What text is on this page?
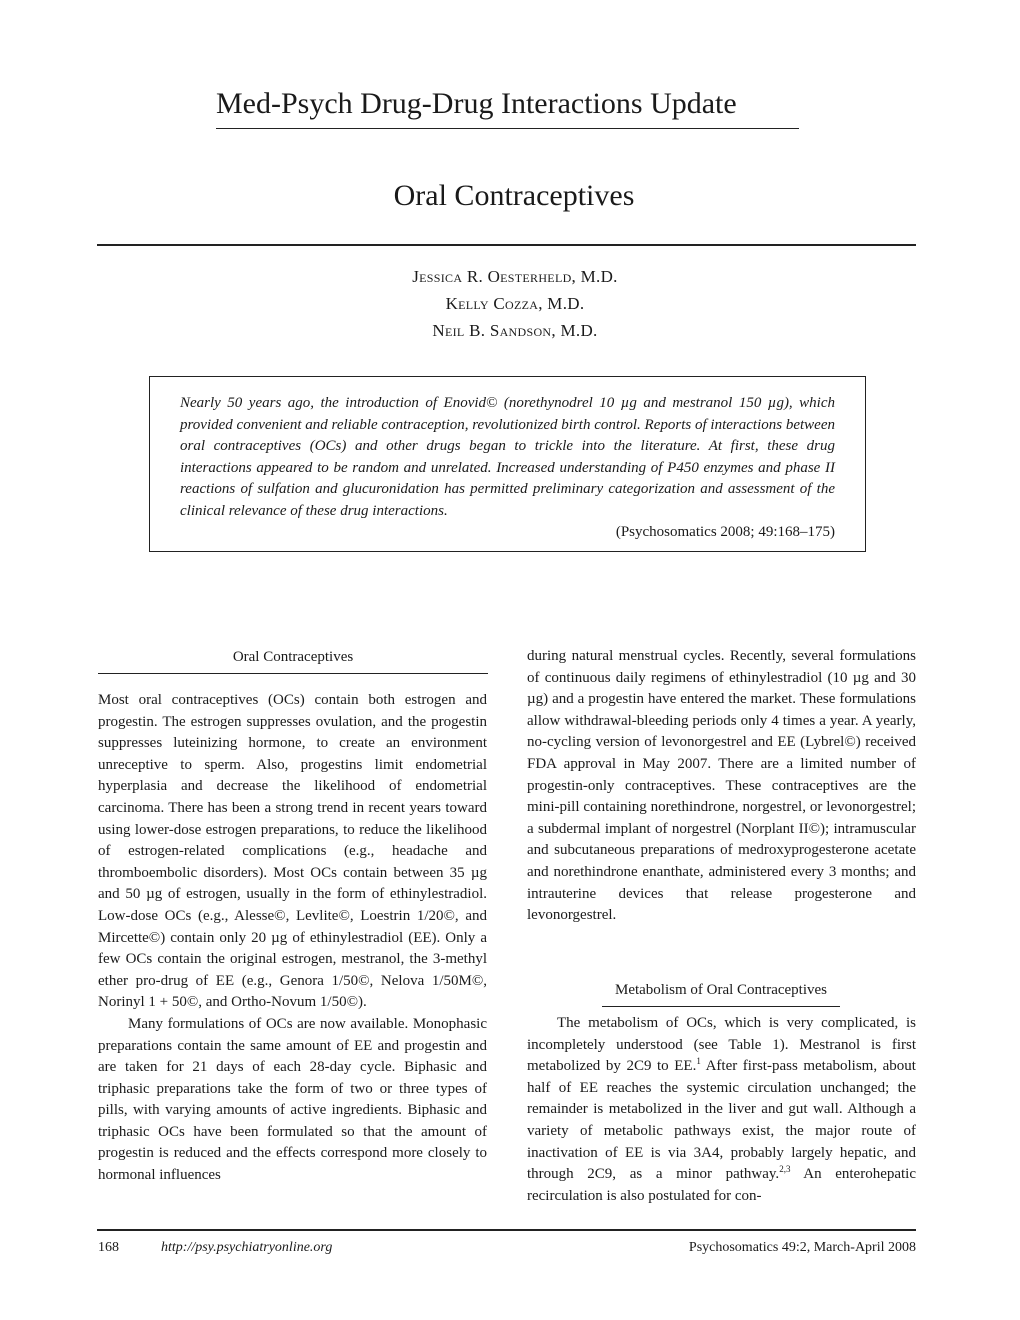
Med-Psych Drug-Drug Interactions Update
Oral Contraceptives
Jessica R. Oesterheld, M.D.
Kelly Cozza, M.D.
Neil B. Sandson, M.D.
Nearly 50 years ago, the introduction of Enovid© (norethynodrel 10 µg and mestranol 150 µg), which provided convenient and reliable contraception, revolutionized birth control. Reports of interactions between oral contraceptives (OCs) and other drugs began to trickle into the literature. At first, these drug interactions appeared to be random and unrelated. Increased understanding of P450 enzymes and phase II reactions of sulfation and glucuronidation has permitted preliminary categorization and assessment of the clinical relevance of these drug interactions.
(Psychosomatics 2008; 49:168–175)
Oral Contraceptives

Most oral contraceptives (OCs) contain both estrogen and progestin. The estrogen suppresses ovulation, and the progestin suppresses luteinizing hormone, to create an environment unreceptive to sperm. Also, progestins limit endometrial hyperplasia and decrease the likelihood of endometrial carcinoma. There has been a strong trend in recent years toward using lower-dose estrogen preparations, to reduce the likelihood of estrogen-related complications (e.g., headache and thromboembolic disorders). Most OCs contain between 35 µg and 50 µg of estrogen, usually in the form of ethinylestradiol. Low-dose OCs (e.g., Alesse©, Levlite©, Loestrin 1/20©, and Mircette©) contain only 20 µg of ethinylestradiol (EE). Only a few OCs contain the original estrogen, mestranol, the 3-methyl ether pro-drug of EE (e.g., Genora 1/50©, Nelova 1/50M©, Norinyl 1 + 50©, and Ortho-Novum 1/50©).

Many formulations of OCs are now available. Monophasic preparations contain the same amount of EE and progestin and are taken for 21 days of each 28-day cycle. Biphasic and triphasic preparations take the form of two or three types of pills, with varying amounts of active ingredients. Biphasic and triphasic OCs have been formulated so that the amount of progestin is reduced and the effects correspond more closely to hormonal influences

during natural menstrual cycles. Recently, several formulations of continuous daily regimens of ethinylestradiol (10 µg and 30 µg) and a progestin have entered the market. These formulations allow withdrawal-bleeding periods only 4 times a year. A yearly, no-cycling version of levonorgestrel and EE (Lybrel©) received FDA approval in May 2007. There are a limited number of progestin-only contraceptives. These contraceptives are the mini-pill containing norethindrone, norgestrel, or levonorgestrel; a subdermal implant of norgestrel (Norplant II©); intramuscular and subcutaneous preparations of medroxyprogesterone acetate and norethindrone enanthate, administered every 3 months; and intrauterine devices that release progesterone and levonorgestrel.

Metabolism of Oral Contraceptives

The metabolism of OCs, which is very complicated, is incompletely understood (see Table 1). Mestranol is first metabolized by 2C9 to EE.$^1$ After first-pass metabolism, about half of EE reaches the systemic circulation unchanged; the remainder is metabolized in the liver and gut wall. Although a variety of metabolic pathways exist, the major route of inactivation of EE is via 3A4, probably largely hepatic, and through 2C9, as a minor pathway.$^{2,3}$ An enterohepatic recirculation is also postulated for con-

168	http://psy.psychiatryonline.org	Psychosomatics 49:2, March-April 2008
